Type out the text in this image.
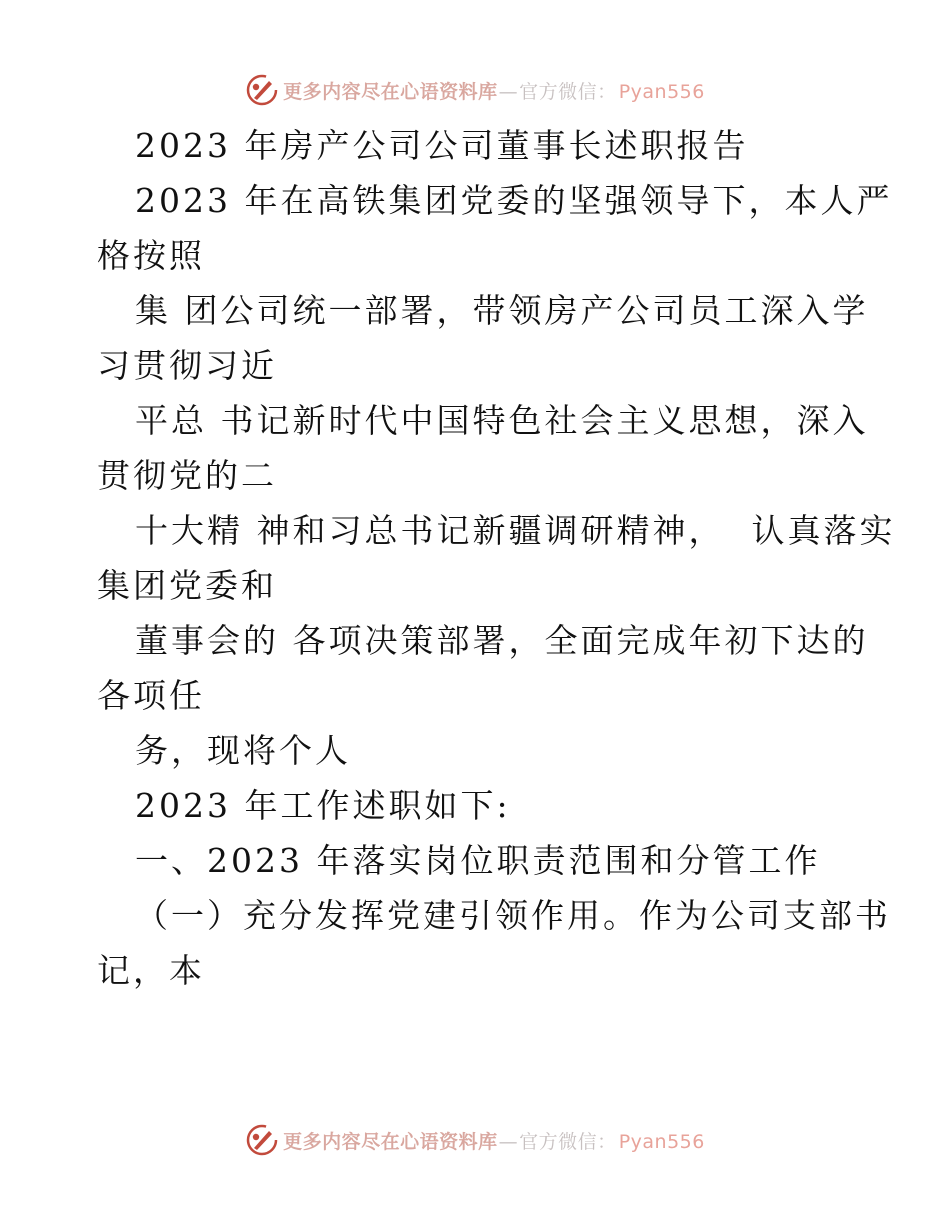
更多内容尽在心语资料库—官方微信： Pyan556
2023 年房产公司公司董事长述职报告
2023 年在高铁集团党委的坚强领导下，本人严
格按照
集 团公司统一部署，带领房产公司员工深入学
习贯彻习近
平总 书记新时代中国特色社会主义思想，深入
贯彻党的二
十大精 神和习总书记新疆调研精神，  认真落实
集团党委和
董事会的 各项决策部署，全面完成年初下达的
各项任
务，现将个人
2023 年工作述职如下:
一、2023 年落实岗位职责范围和分管工作
（一）充分发挥党建引领作用。作为公司支部书
记，本
更多内容尽在心语资料库—官方微信： Pyan556
